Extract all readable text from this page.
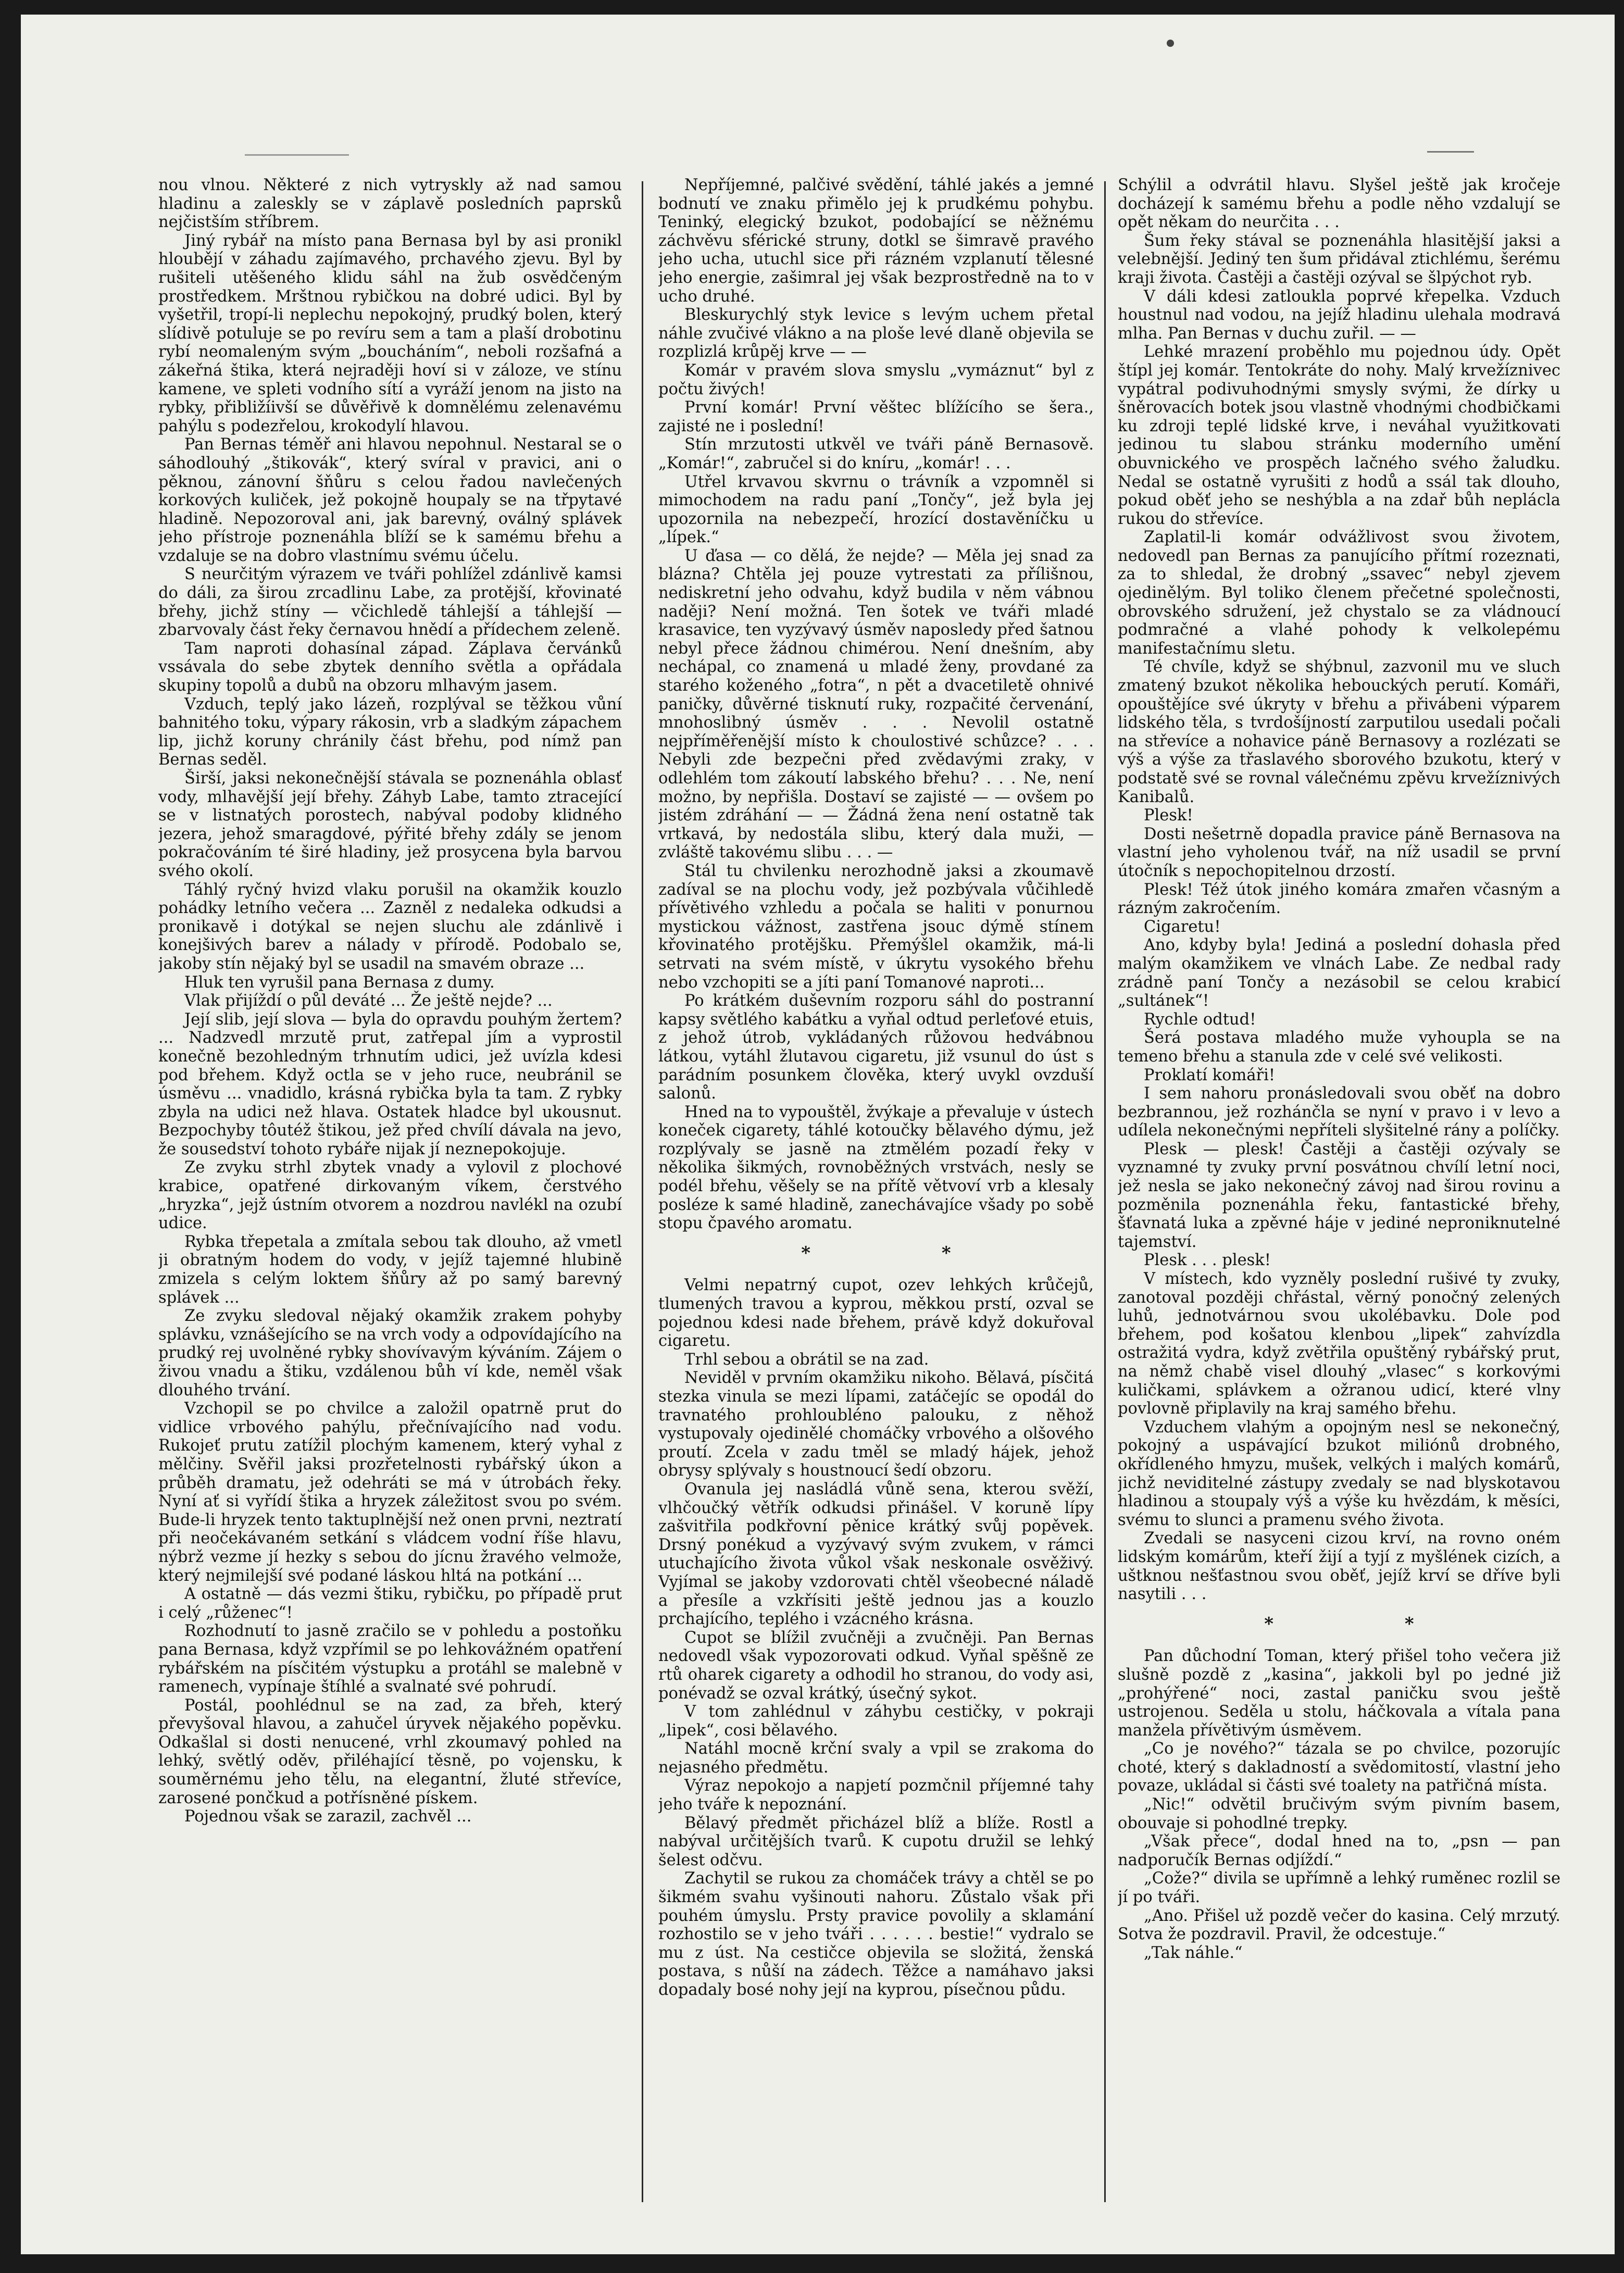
nou vlnou. Některé z nich vytryskly až nad samou hladinu a zaleskly se v záplavě posledních paprsků nejčistším stříbrem.

Jiný rybář na místo pana Bernasa byl by asi pronikl hloubějí v záhadu zajímavého, prchavého zjevu. Byl by rušiteli utěšeného klidu sáhl na žub osvědčeným prostředkem. Mrštnou rybičkou na dobré udici. Byl by vyšetřil, tropí-li neplechu nepokojný, prudký bolen, který slídivě potuluje se po revíru sem a tam a plaší drobotinu rybí neomaleným svým „boucháním“, neboli rozšafná a zákeřná štika, která nejraději hoví si v záloze, ve stínu kamene, ve spleti vodního sítí a vyráží jenom na jisto na rybky, přibližíivší se důvěřivě k domnělému zelenavému pahýlu s podezřelou, krokodylí hlavou.

Pan Bernas téměř ani hlavou nepohnul. Nestaral se o sáhodlouhý „štikovák“, který svíral v pravici, ani o pěknou, zánovní šňůru s celou řadou navlečených korkových kuliček, jež pokojně houpaly se na třpytavé hladině. Nepozoroval ani, jak barevný, oválný splávek jeho přístroje poznenáhla blíží se k samému břehu a vzdaluje se na dobro vlastnímu svému účelu.

S neurčitým výrazem ve tváři pohlížel zdánlivě kamsi do dáli, za širou zrcadlinu Labe, za protější, křovinaté břehy, jichž stíny — včichledě táhlejší a táhlejší — zbarvovaly část řeky černavou hnědí a přídechem zeleně.

Tam naproti dohasínal západ. Záplava červánků vssávala do sebe zbytek denního světla a opřádala skupiny topolů a dubů na obzoru mlhavým jasem.

Vzduch, teplý jako lázeň, rozplýval se těžkou vůní bahnitého toku, výpary rákosin, vrb a sladkým zápachem lip, jichž koruny chránily část břehu, pod nímž pan Bernas seděl.

Širší, jaksi nekonečnější stávala se poznenáhla oblasť vody, mlhavější její břehy. Záhyb Labe, tamto ztracející se v listnatých porostech, nabýval podoby klidného jezera, jehož smaragdové, pýřité břehy zdály se jenom pokračováním té širé hladiny, jež prosycena byla barvou svého okolí.

Táhlý ryčný hvizd vlaku porušil na okamžik kouzlo pohádky letního večera ... Zazněl z nedaleka odkudsi a pronikavě i dotýkal se nejen sluchu ale zdánlivě i konejšivých barev a nálady v přírodě. Podobalo se, jakoby stín nějaký byl se usadil na smavém obraze ...

Hluk ten vyrušil pana Bernasa z dumy.

Vlak přijíždí o půl deváté ... Že ještě nejde? ...

Její slib, její slova — byla do opravdu pouhým žertem? ... Nadzvedl mrzutě prut, zatřepal jím a vyprostil konečně bezohledným trhnutím udici, jež uvízla kdesi pod břehem. Když octla se v jeho ruce, neubránil se úsměvu ... vnadidlo, krásná rybička byla ta tam. Z rybky zbyla na udici než hlava. Ostatek hladce byl ukousnut. Bezpochyby tôutéž štikou, jež před chvílí dávala na jevo, že sousedství tohoto rybáře nijak jí neznepokojuje.

Ze zvyku strhl zbytek vnady a vylovil z plochové krabice, opatřené dirkovaným víkem, čerstvého „hryzka“, jejž ústním otvorem a nozdrou navlékl na ozubí udice.

Rybka třepetala a zmítala sebou tak dlouho, až vmetl ji obratným hodem do vody, v jejíž tajemné hlubině zmizela s celým loktem šňůry až po samý barevný splávek ...

Ze zvyku sledoval nějaký okamžik zrakem pohyby splávku, vznášejícího se na vrch vody a odpovídajícího na prudký rej uvolněné rybky shovívavým kýváním. Zájem o živou vnadu a štiku, vzdálenou bůh ví kde, neměl však dlouhého trvání.

Vzchopil se po chvilce a založil opatrně prut do vidlice vrbového pahýlu, přečnívajícího nad vodu. Rukojeť prutu zatížil plochým kamenem, který vyhal z mělčiny. Svěřil jaksi prozřetelnosti rybářský úkon a průběh dramatu, jež odehráti se má v útrobách řeky. Nyní ať si vyřídí štika a hryzek záležitost svou po svém. Bude-li hryzek tento taktuplnější než onen prvni, neztratí při neočekávaném setkání s vládcem vodní říše hlavu, nýbrž vezme jí hezky s sebou do jícnu žravého velmože, který nejmilejší své podané láskou hltá na potkání ...

A ostatně — dás vezmi štiku, rybičku, po případě prut i celý „růženec“!

Rozhodnutí to jasně zračilo se v pohledu a postoňku pana Bernasa, když vzpřímil se po lehkovážném opatření rybářském na písčitém výstupku a protáhl se malebně v ramenech, vypínaje štíhlé a svalnaté své pohrudí.

Postál, poohlédnul se na zad, za břeh, který převyšoval hlavou, a zahučel úryvek nějakého popěvku. Odkašlal si dosti nenucené, vrhl zkoumavý pohled na lehký, světlý oděv, přiléhající těsně, po vojensku, k souměrnému jeho tělu, na elegantní, žluté střevíce, zarosené pončkud a potřísněné pískem.

Pojednou však se zarazil, zachvěl ...

Nepříjemné, palčivé svědění, táhlé jakés a jemné bodnutí ve znaku přimělo jej k prudkému pohybu. Teninký, elegický bzukot, podobající se něžnému záchvěvu sférické struny, dotkl se šimravě pravého jeho ucha, utuchl sice při rázném vzplanutí tělesné jeho energie, zašimral jej však bezprostředně na to v ucho druhé.

Bleskurychlý styk levice s levým uchem přetal náhle zvučivé vlákno a na ploše levé dlaně objevila se rozplizlá krůpěj krve — —

Komár v pravém slova smyslu „vymáznut“ byl z počtu živých!

První komár! První věštec blížícího se šera., zajisté ne i poslední!

Stín mrzutosti utkvěl ve tváři páně Bernasově. „Komár!“, zabručel si do kníru, „komár! . . .

Utřel krvavou skvrnu o trávník a vzpomněl si mimochodem na radu paní „Tončy“, jež byla jej upozornila na nebezpečí, hrozící dostavěníčku u „lípek.“

U ďasa — co dělá, že nejde? — Měla jej snad za blázna? Chtěla jej pouze vytrestati za přílišnou, nediskretní jeho odvahu, když budila v něm vábnou naději? Není možná. Ten šotek ve tváři mladé krasavice, ten vyzývavý úsměv naposledy před šatnou nebyl přece žádnou chimérou. Není dnešním, aby nechápal, co znamená u mladé ženy, provdané za starého koženého „fotra“, n pět a dvacetiletě ohnivé paničky, důvěrné tisknutí ruky, rozpačité červenání, mnohoslibný úsměv . . . Nevolil ostatně nejpříměřenější místo k choulostivé schůzce? . . . Nebyli zde bezpečni před zvědavými zraky, v odlehlém tom zákoutí labského břehu? . . . Ne, není možno, by nepřišla. Dostaví se zajisté — — ovšem po jistém zdráhání — — Žádná žena není ostatně tak vrtkavá, by nedostála slibu, který dala muži, — zvláště takovému slibu . . . —

Stál tu chvilenku nerozhodně jaksi a zkoumavě zadíval se na plochu vody, jež pozbývala vůčihledě přívětivého vzhledu a počala se haliti v ponurnou mystickou vážnost, zastřena jsouc dýmě stínem křovinatého protějšku. Přemýšlel okamžik, má-li setrvati na svém místě, v úkrytu vysokého břehu nebo vzchopiti se a jíti paní Tomanové naproti...

Po krátkém duševním rozporu sáhl do postranní kapsy světlého kabátku a vyňal odtud perleťové etuis, z jehož útrob, vykládaných růžovou hedvábnou látkou, vytáhl žlutavou cigaretu, již vsunul do úst s parádním posunkem člověka, který uvykl ovzduší salonů.

Hned na to vypouštěl, žvýkaje a převaluje v ústech koneček cigarety, táhlé kotoučky bělavého dýmu, jež rozplývaly se jasně na ztmělém pozadí řeky v několika šikmých, rovnoběžných vrstvách, nesly se podél břehu, věšely se na přítě větvoví vrb a klesaly posléze k samé hladině, zanechávajíce všady po sobě stopu čpavého aromatu.

* *

Velmi nepatrný cupot, ozev lehkých krůčejů, tlumených travou a kyprou, měkkou prstí, ozval se pojednou kdesi nade břehem, právě když dokuřoval cigaretu.

Trhl sebou a obrátil se na zad.

Neviděl v prvním okamžiku nikoho. Bělavá, písčitá stezka vinula se mezi lípami, zatáčejíc se opodál do travnatého prohloubléno palouku, z něhož vystupovaly ojedinělé chomáčky vrbového a olšového proutí. Zcela v zadu tměl se mladý hájek, jehož obrysy splývaly s houstnoucí šedí obzoru.

Ovanula jej nasládlá vůně sena, kterou svěží, vlhčoučký větřík odkudsi přinášel. V koruně lípy zašvitřila podkřovní pěnice krátký svůj popěvek. Drsný ponékud a vyzývavý svým zvukem, v rámci utuchajícího života vůkol však neskonale osvěživý. Vyjímal se jakoby vzdorovati chtěl všeobecné náladě a přesíle a vzkřísiti ještě jednou jas a kouzlo prchajícího, teplého i vzácného krásna.

Cupot se blížil zvučněji a zvučněji. Pan Bernas nedovedl však vypozorovati odkud. Vyňal spěšně ze rtů oharek cigarety a odhodil ho stranou, do vody asi, ponévadž se ozval krátký, úsečný sykot.

V tom zahlédnul v záhybu cestičky, v pokraji „lipek“, cosi bělavého.

Natáhl mocně krční svaly a vpil se zrakoma do nejasného předmětu.

Výraz nepokojo a napjetí pozmčnil příjemné tahy jeho tváře k nepoznání.

Bělavý předmět přicházel blíž a blíže. Rostl a nabýval určitějších tvarů. K cupotu družil se lehký šelest odčvu.

Zachytil se rukou za chomáček trávy a chtěl se po šikmém svahu vyšinouti nahoru. Zůstalo však při pouhém úmyslu. Prsty pravice povolily a sklamání rozhostilo se v jeho tváři . . . . . . bestie!“ vydralo se mu z úst. Na cestičce objevila se složitá, ženská postava, s nůší na zádech. Těžce a namáhavo jaksi dopadaly bosé nohy její na kyprou, písečnou půdu.

Schýlil a odvrátil hlavu. Slyšel ještě jak kročeje docházejí k samému břehu a podle něho vzdalují se opět někam do neurčita . . .

Šum řeky stával se poznenáhla hlasitější jaksi a velebnější. Jediný ten šum přidával ztichlému, šerému kraji života. Častěji a častěji ozýval se šlpýchot ryb.

V dáli kdesi zatloukla poprvé křepelka. Vzduch houstnul nad vodou, na jejíž hladinu ulehala modravá mlha. Pan Bernas v duchu zuřil. — —

Lehké mrazení proběhlo mu pojednou údy. Opět štípl jej komár. Tentokráte do nohy. Malý krvežíznivec vypátral podivuhodnými smysly svými, že dírky u šněrovacích botek jsou vlastně vhodnými chodbičkami ku zdroji teplé lidské krve, i neváhal využitkovati jedinou tu slabou stránku moderního umění obuvnického ve prospěch lačného svého žaludku. Nedal se ostatně vyrušiti z hodů a ssál tak dlouho, pokud oběť jeho se neshýbla a na zdař bůh neplácla rukou do střevíce.

Zaplatil-li komár odvážlivost svou životem, nedovedl pan Bernas za panujícího přítmí rozeznati, za to shledal, že drobný „ssavec“ nebyl zjevem ojedinělým. Byl toliko členem přečetné společnosti, obrovského sdružení, jež chystalo se za vládnoucí podmračné a vlahé pohody k velkolepému manifestačnímu sletu.

Té chvíle, když se shýbnul, zazvonil mu ve sluch zmatený bzukot několika hebouckých perutí. Komáři, opouštějíce své úkryty v břehu a přivábeni výparem lidského těla, s tvrdošíjností zarputilou usedali počali na střevíce a nohavice páně Bernasovy a rozlézati se výš a výše za třaslavého sborového bzukotu, který v podstatě své se rovnal válečnému zpěvu krvežíznivých Kanibalů.

Plesk!

Dosti nešetrně dopadla pravice páně Bernasova na vlastní jeho vyholenou tvář, na níž usadil se první útočník s nepochopitelnou drzostí.

Plesk! Též útok jiného komára zmařen včasným a rázným zakročením.

Cigaretu!

Ano, kdyby byla! Jediná a poslední dohasla před malým okamžikem ve vlnách Labe. Ze nedbal rady zrádně paní Tončy a nezásobil se celou krabicí „sultánek“!

Rychle odtud!

Šerá postava mladého muže vyhoupla se na temeno břehu a stanula zde v celé své velikosti.

Proklatí komáři!

I sem nahoru pronásledovali svou oběť na dobro bezbrannou, jež rozhánčla se nyní v pravo i v levo a udílela nekonečnými nepříteli slyšitelné rány a políčky.

Plesk — plesk! Častěji a častěji ozývaly se vyznamné ty zvuky první posvátnou chvílí letní noci, jež nesla se jako nekonečný závoj nad širou rovinu a pozměnila poznenáhla řeku, fantastické břehy, šťavnatá luka a zpěvné háje v jediné neproniknutelné tajemství.

Plesk . . . plesk!

V místech, kdo vyzněly poslední rušivé ty zvuky, zanotoval později chřástal, věrný ponočný zelených luhů, jednotvárnou svou ukolébavku. Dole pod břehem, pod košatou klenbou „lipek“ zahvízdla ostražitá vydra, když zvětřila opuštěný rybářský prut, na němž chabě visel dlouhý „vlasec“ s korkovými kuličkami, splávkem a ožranou udicí, které vlny povlovně připlavily na kraj samého břehu.

Vzduchem vlahým a opojným nesl se nekonečný, pokojný a uspávající bzukot miliónů drobného, okřídleného hmyzu, mušek, velkých i malých komárů, jichž neviditelné zástupy zvedaly se nad blyskotavou hladinou a stoupaly výš a výše ku hvězdám, k měsíci, svému to slunci a pramenu svého života.

Zvedali se nasyceni cizou krví, na rovno oném lidským komárům, kteří žijí a tyjí z myšlének cizích, a uštknou nešťastnou svou oběť, jejíž krví se dříve byli nasytili . . .

* *

Pan důchodní Toman, který přišel toho večera již slušně pozdě z „kasina“, jakkoli byl po jedné již „prohýřené“ noci, zastal paničku svou ještě ustrojenou. Seděla u stolu, háčkovala a vítala pana manžela přívětivým úsměvem.

„Co je nového?“ tázala se po chvilce, pozorujíc choté, který s dakladností a svědomitostí, vlastní jeho povaze, ukládal si části své toalety na patřičná místa.

„Nic!“ odvětil bručivým svým pivním basem, obouvaje si pohodlné trepky.

„Však přece“, dodal hned na to, „psn — pan nadporučík Bernas odjíždí.“

„Cože?“ divila se upřímně a lehký ruměnec rozlil se jí po tváři.

„Ano. Přišel už pozdě večer do kasina. Celý mrzutý. Sotva že pozdravil. Pravil, že odcestuje.“

„Tak náhle.“
